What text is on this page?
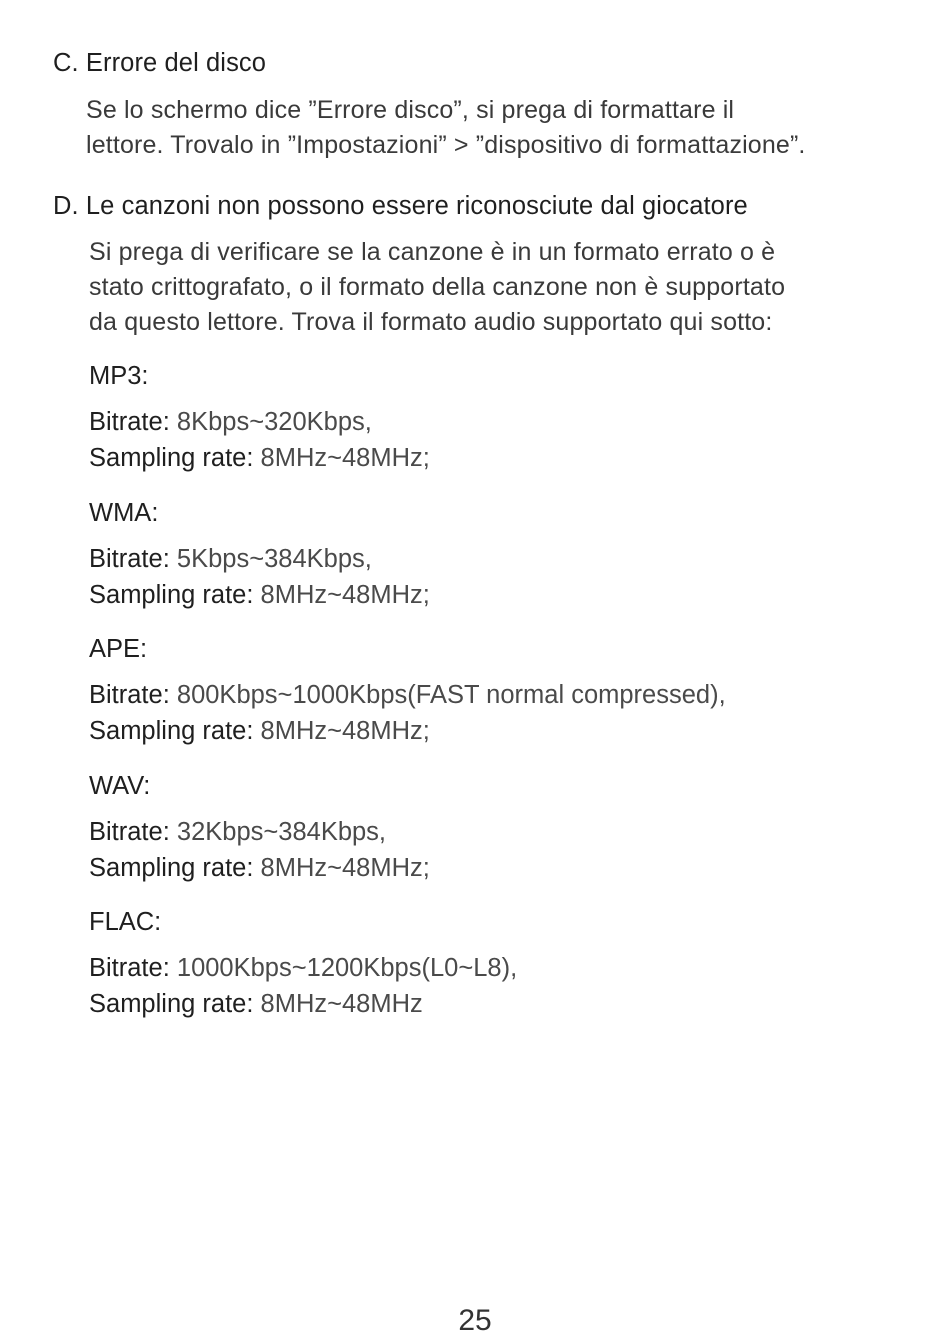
C. Errore del disco
Se lo schermo dice ”Errore disco”, si prega di formattare il
lettore. Trovalo in ”Impostazioni” > ”dispositivo di formattazione”.
D. Le canzoni non possono essere riconosciute dal giocatore
Si prega di verificare se la canzone è in un formato errato o è
stato crittografato, o il formato della canzone non è supportato
da questo lettore. Trova il formato audio supportato qui sotto:
MP3:
Bitrate: 8Kbps~320Kbps,
Sampling rate: 8MHz~48MHz;
WMA:
Bitrate: 5Kbps~384Kbps,
Sampling rate: 8MHz~48MHz;
APE:
Bitrate: 800Kbps~1000Kbps(FAST normal compressed),
Sampling rate: 8MHz~48MHz;
WAV:
Bitrate: 32Kbps~384Kbps,
Sampling rate: 8MHz~48MHz;
FLAC:
Bitrate: 1000Kbps~1200Kbps(L0~L8),
Sampling rate: 8MHz~48MHz
25
